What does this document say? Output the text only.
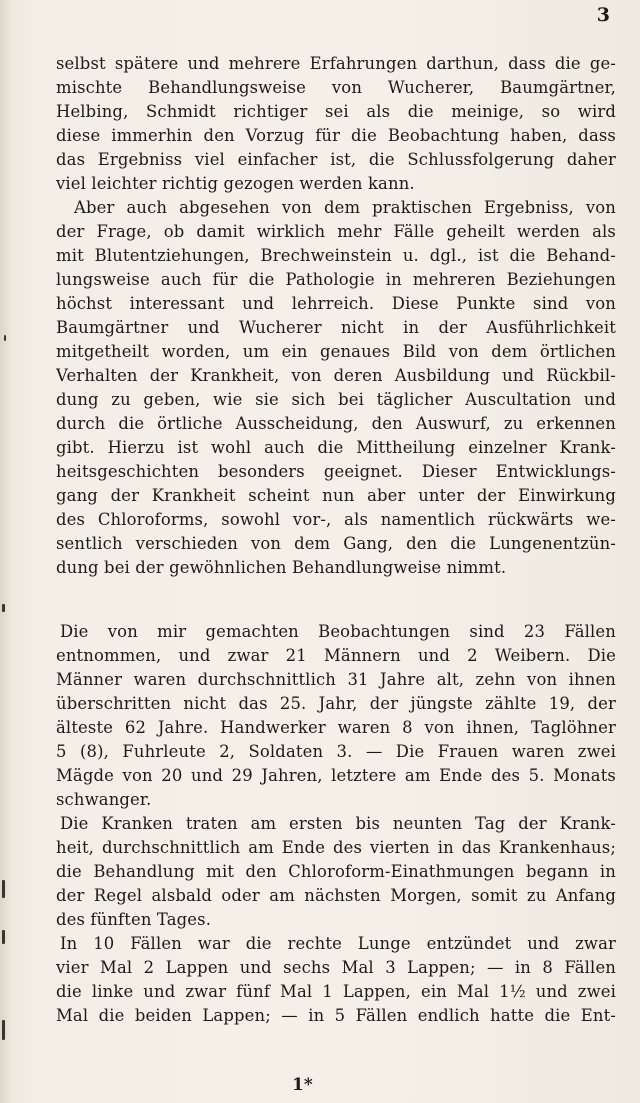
3
selbst spätere und mehrere Erfahrungen darthun, dass die ge-
mischte Behandlungsweise von Wucherer, Baumgärtner,
Helbing, Schmidt richtiger sei als die meinige, so wird
diese immerhin den Vorzug für die Beobachtung haben, dass
das Ergebniss viel einfacher ist, die Schlussfolgerung daher
viel leichter richtig gezogen werden kann.
Aber auch abgesehen von dem praktischen Ergebniss, von
der Frage, ob damit wirklich mehr Fälle geheilt werden als
mit Blutentziehungen, Brechweinstein u. dgl., ist die Behand-
lungsweise auch für die Pathologie in mehreren Beziehungen
höchst interessant und lehrreich. Diese Punkte sind von
Baumgärtner und Wucherer nicht in der Ausführlichkeit
mitgetheilt worden, um ein genaues Bild von dem örtlichen
Verhalten der Krankheit, von deren Ausbildung und Rückbil-
dung zu geben, wie sie sich bei täglicher Auscultation und
durch die örtliche Ausscheidung, den Auswurf, zu erkennen
gibt. Hierzu ist wohl auch die Mittheilung einzelner Krank-
heitsgeschichten besonders geeignet. Dieser Entwicklungs-
gang der Krankheit scheint nun aber unter der Einwirkung
des Chloroforms, sowohl vor-, als namentlich rückwärts we-
sentlich verschieden von dem Gang, den die Lungenentzün-
dung bei der gewöhnlichen Behandlungweise nimmt.
Die von mir gemachten Beobachtungen sind 23 Fällen
entnommen, und zwar 21 Männern und 2 Weibern. Die
Männer waren durchschnittlich 31 Jahre alt, zehn von ihnen
überschritten nicht das 25. Jahr, der jüngste zählte 19, der
älteste 62 Jahre. Handwerker waren 8 von ihnen, Taglöhner
5 (8), Fuhrleute 2, Soldaten 3. — Die Frauen waren zwei
Mägde von 20 und 29 Jahren, letztere am Ende des 5. Monats
schwanger.
Die Kranken traten am ersten bis neunten Tag der Krank-
heit, durchschnittlich am Ende des vierten in das Krankenhaus;
die Behandlung mit den Chloroform-Einathmungen begann in
der Regel alsbald oder am nächsten Morgen, somit zu Anfang
des fünften Tages.
In 10 Fällen war die rechte Lunge entzündet und zwar
vier Mal 2 Lappen und sechs Mal 3 Lappen; — in 8 Fällen
die linke und zwar fünf Mal 1 Lappen, ein Mal 1½ und zwei
Mal die beiden Lappen; — in 5 Fällen endlich hatte die Ent-
1*
